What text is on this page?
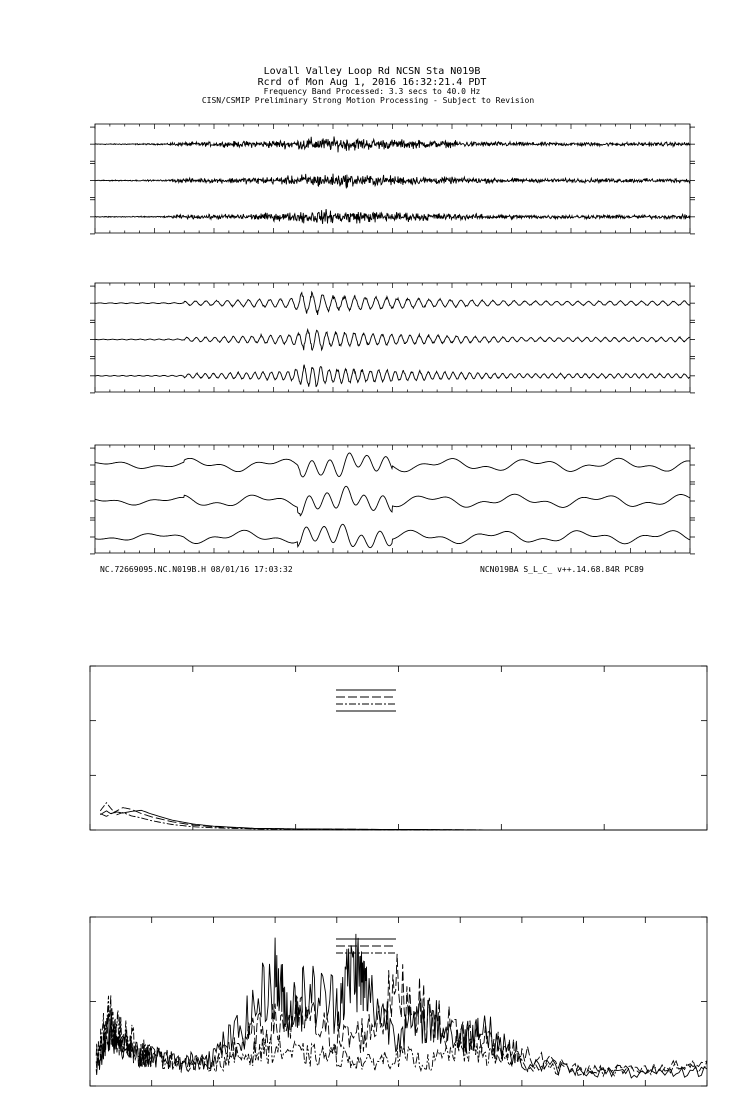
Lovall Valley Loop Rd NCSN Sta N019B
Rcrd of Mon Aug 1, 2016 16:32:21.4 PDT
Frequency Band Processed: 3.3 secs to 40.0 Hz
CISN/CSMIP Preliminary Strong Motion Processing - Subject to Revision
NC.72669095.NC.N019B.H 08/01/16 17:03:32	NCN019BA S_L_C_ v++.14.68.84R PC89
